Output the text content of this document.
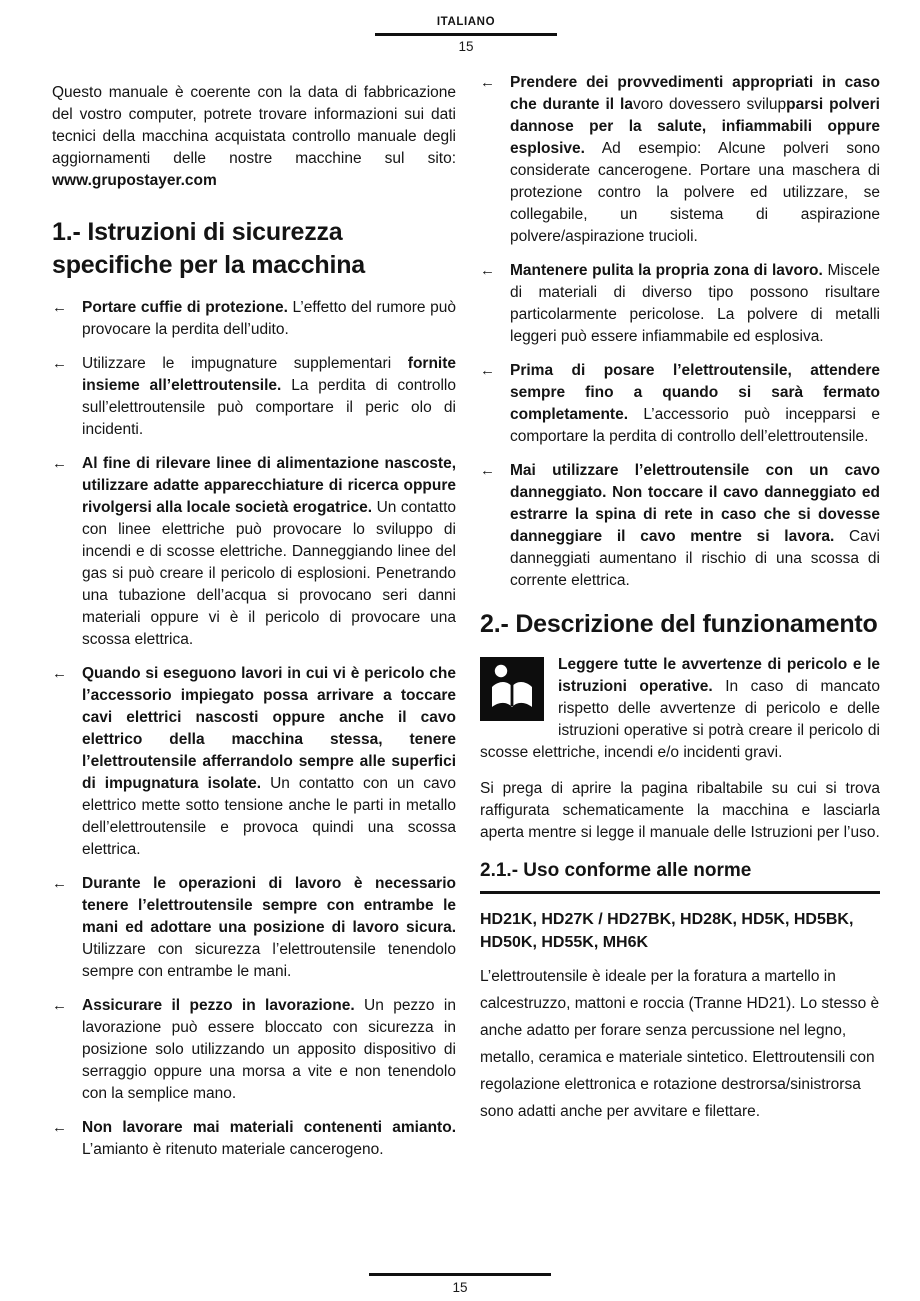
ITALIANO
15

Questo manuale è coerente con la data di fabbricazione del vostro computer, potrete trovare informazioni sui dati tecnici della macchina acquistata controllo manuale degli aggiornamenti delle nostre macchine sul sito: www.grupostayer.com

1.- Istruzioni di sicurezza specifiche per la macchina
← Portare cuffie di protezione. L’effetto del rumore può provocare la perdita dell’udito.

← Utilizzare le impugnature supplementari fornite insieme all’elettroutensile. La perdita di controllo sull’elettroutensile può comportare il peric olo di incidenti.

← Al fine di rilevare linee di alimentazione nascoste, utilizzare adatte apparecchiature di ricerca oppure rivolgersi alla locale società erogatrice. Un contatto con linee elettriche può provocare lo sviluppo di incendi e di scosse elettriche. Danneggiando linee del gas si può creare il pericolo di esplosioni. Penetrando una tubazione dell’acqua si provocano seri danni materiali oppure vi è il pericolo di provocare una scossa elettrica.

← Quando si eseguono lavori in cui vi è pericolo che l’accessorio impiegato possa arrivare a toccare cavi elettrici nascosti oppure anche il cavo elettrico della macchina stessa, tenere l’elettroutensile afferrandolo sempre alle superfici di impugnatura isolate. Un contatto con un cavo elettrico mette sotto tensione anche le parti in metallo dell’elettroutensile e provoca quindi una scossa elettrica.

← Durante le operazioni di lavoro è necessario tenere l’elettroutensile sempre con entrambe le mani ed adottare una posizione di lavoro sicura. Utilizzare con sicurezza l’elettroutensile tenendolo sempre con entrambe le mani.

← Assicurare il pezzo in lavorazione. Un pezzo in lavorazione può essere bloccato con sicurezza in posizione solo utilizzando un apposito dispositivo di serraggio oppure una morsa a vite e non tenendolo con la semplice mano.

← Non lavorare mai materiali contenenti amianto. L’amianto è ritenuto materiale cancerogeno.

← Prendere dei provvedimenti appropriati in caso che durante il lavoro dovessero svilupparsi polveri dannose per la salute, infiammabili oppure esplosive. Ad esempio: Alcune polveri sono considerate cancerogene. Portare una maschera di protezione contro la polvere ed utilizzare, se collegabile, un sistema di aspirazione polvere/aspirazione trucioli.

← Mantenere pulita la propria zona di lavoro. Miscele di materiali di diverso tipo possono risultare particolarmente pericolose. La polvere di metalli leggeri può essere infiammabile ed esplosiva.

← Prima di posare l’elettroutensile, attendere sempre fino a quando si sarà fermato completamente. L’accessorio può incepparsi e comportare la perdita di controllo dell’elettroutensile.

← Mai utilizzare l’elettroutensile con un cavo danneggiato. Non toccare il cavo danneggiato ed estrarre la spina di rete in caso che si dovesse danneggiare il cavo mentre si lavora. Cavi danneggiati aumentano il rischio di una scossa di corrente elettrica.

2.- Descrizione del funzionamento
Leggere tutte le avvertenze di pericolo e le istruzioni operative. In caso di mancato rispetto delle avvertenze di pericolo e delle istruzioni operative si potrà creare il pericolo di scosse elettriche, incendi e/o incidenti gravi.

Si prega di aprire la pagina ribaltabile su cui si trova raffigurata schematicamente la macchina e lasciarla aperta mentre si legge il manuale delle Istruzioni per l’uso.

2.1.- Uso conforme alle norme

HD21K, HD27K / HD27BK, HD28K, HD5K, HD5BK, HD50K, HD55K, MH6K

L’elettroutensile è ideale per la foratura a martello in calcestruzzo, mattoni e roccia (Tranne HD21). Lo stesso è anche adatto per forare senza percussione nel legno, metallo, ceramica e materiale sintetico. Elettroutensili con regolazione elettronica e rotazione destrorsa/sinistrorsa sono adatti anche per avvitare e filettare.

15
